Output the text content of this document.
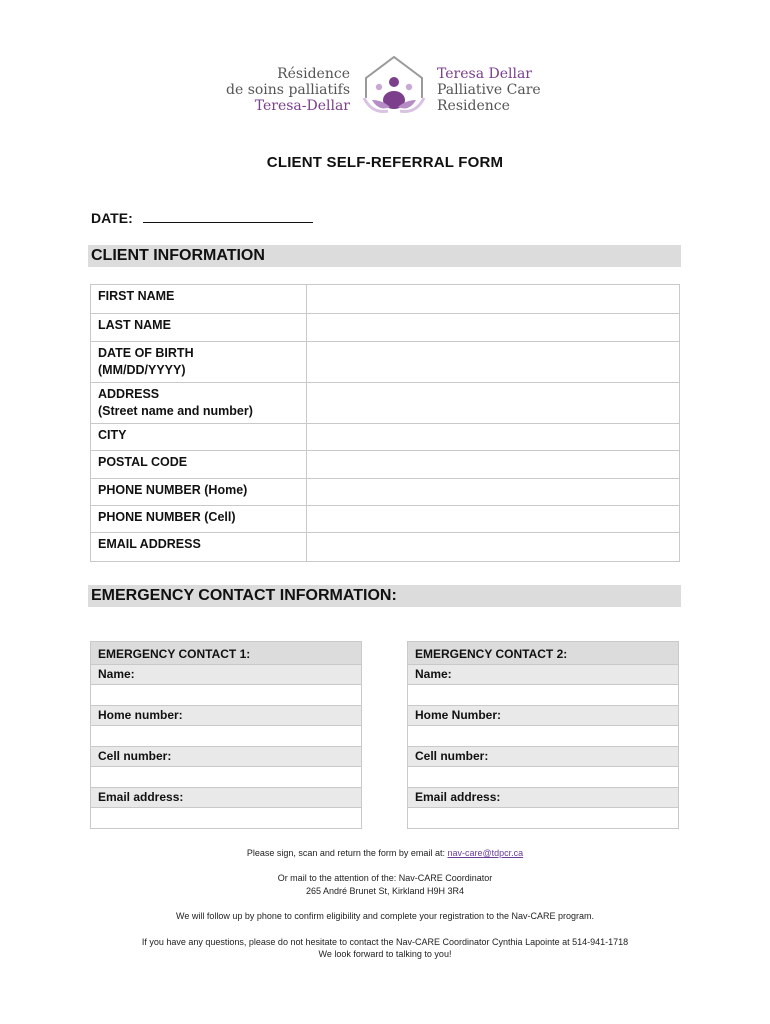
Résidence
de soins palliatifs
Teresa-Dellar
Teresa Dellar
Palliative Care
Residence
CLIENT SELF-REFERRAL FORM
DATE:
CLIENT INFORMATION
FIRST NAME	
LAST NAME	

DATE OF BIRTH
(MM/DD/YYYY)	

ADDRESS
(Street name and number)	

CITY	
POSTAL CODE	
PHONE NUMBER (Home)	
PHONE NUMBER (Cell)	
EMAIL ADDRESS	
EMERGENCY CONTACT INFORMATION:
EMERGENCY CONTACT 1:
Name:
Home number:
Cell number:
Email address:
EMERGENCY CONTACT 2:
Name:
Home Number:
Cell number:
Email address:
Please sign, scan and return the form by email at: nav-care@tdpcr.ca
Or mail to the attention of the: Nav-CARE Coordinator
265 André Brunet St, Kirkland H9H 3R4
We will follow up by phone to confirm eligibility and complete your registration to the Nav-CARE program.
If you have any questions, please do not hesitate to contact the Nav-CARE Coordinator Cynthia Lapointe at 514-941-1718
We look forward to talking to you!
